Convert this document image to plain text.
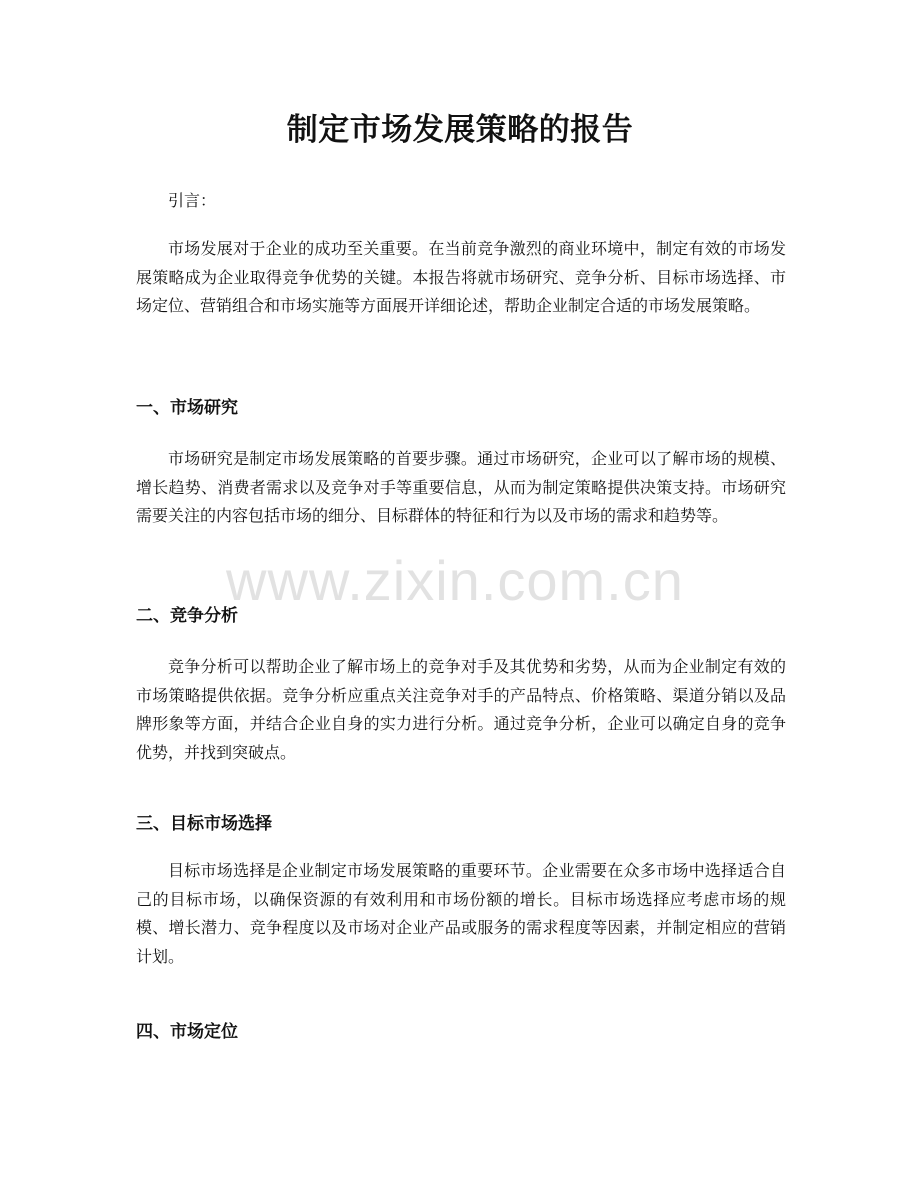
制定市场发展策略的报告
引言：
市场发展对于企业的成功至关重要。在当前竞争激烈的商业环境中，制定有效的市场发展策略成为企业取得竞争优势的关键。本报告将就市场研究、竞争分析、目标市场选择、市场定位、营销组合和市场实施等方面展开详细论述，帮助企业制定合适的市场发展策略。
一、市场研究
市场研究是制定市场发展策略的首要步骤。通过市场研究，企业可以了解市场的规模、增长趋势、消费者需求以及竞争对手等重要信息，从而为制定策略提供决策支持。市场研究需要关注的内容包括市场的细分、目标群体的特征和行为以及市场的需求和趋势等。
二、竞争分析
竞争分析可以帮助企业了解市场上的竞争对手及其优势和劣势，从而为企业制定有效的市场策略提供依据。竞争分析应重点关注竞争对手的产品特点、价格策略、渠道分销以及品牌形象等方面，并结合企业自身的实力进行分析。通过竞争分析，企业可以确定自身的竞争优势，并找到突破点。
三、目标市场选择
目标市场选择是企业制定市场发展策略的重要环节。企业需要在众多市场中选择适合自己的目标市场，以确保资源的有效利用和市场份额的增长。目标市场选择应考虑市场的规模、增长潜力、竞争程度以及市场对企业产品或服务的需求程度等因素，并制定相应的营销计划。
四、市场定位
www.zixin.com.cn
